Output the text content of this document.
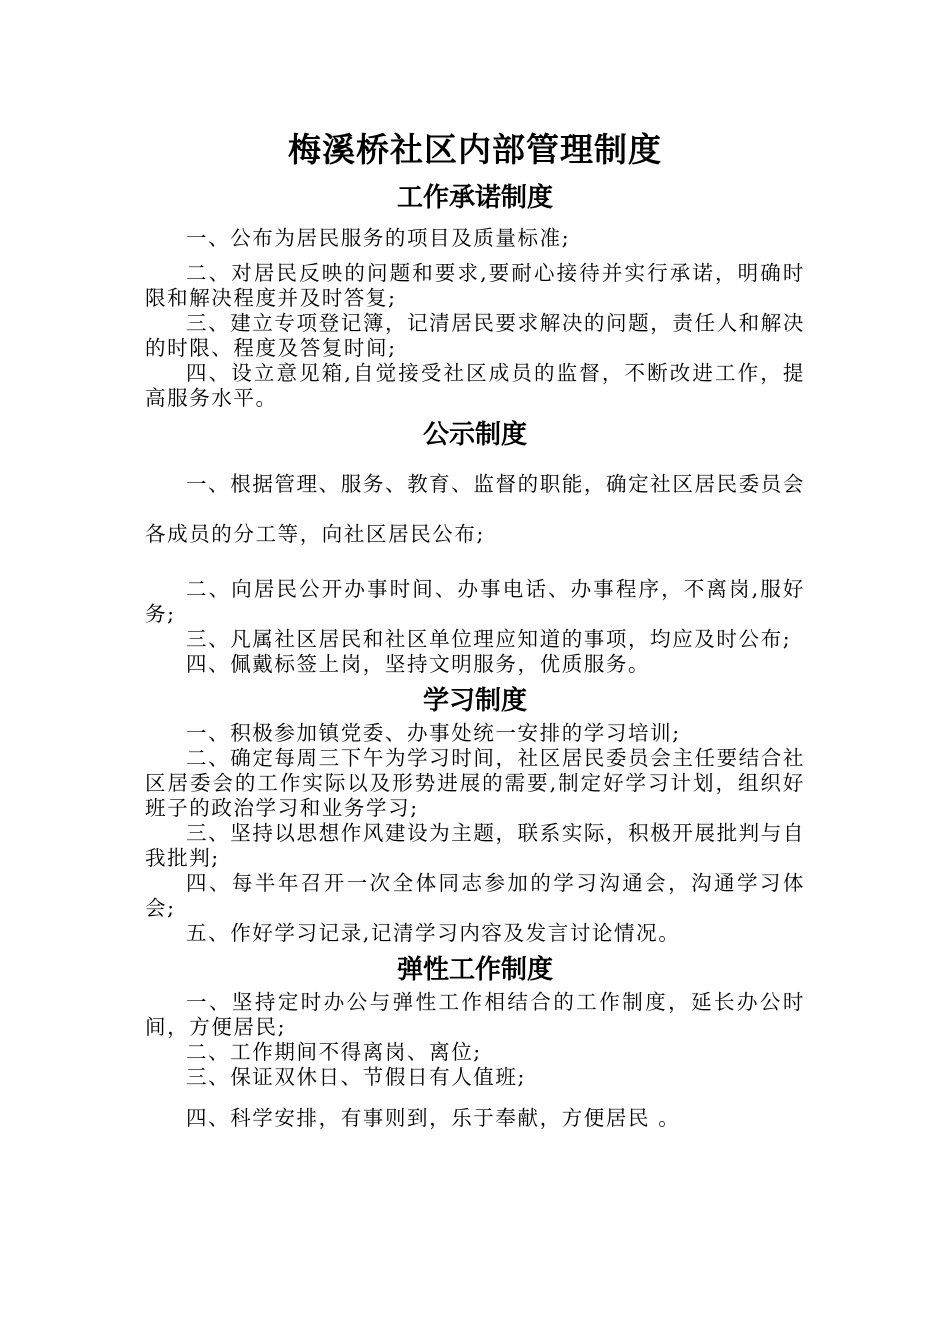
梅溪桥社区内部管理制度
工作承诺制度

一、公布为居民服务的项目及质量标准;

二、对居民反映的问题和要求,要耐心接待并实行承诺，明确时限和解决程度并及时答复;

三、建立专项登记簿，记清居民要求解决的问题，责任人和解决的时限、程度及答复时间;

四、设立意见箱,自觉接受社区成员的监督，不断改进工作，提高服务水平。

公示制度

一、根据管理、服务、教育、监督的职能，确定社区居民委员会各成员的分工等，向社区居民公布;

二、向居民公开办事时间、办事电话、办事程序，不离岗,服好务;

三、凡属社区居民和社区单位理应知道的事项，均应及时公布;

四、佩戴标签上岗，坚持文明服务，优质服务。

学习制度

一、积极参加镇党委、办事处统一安排的学习培训;

二、确定每周三下午为学习时间，社区居民委员会主任要结合社区居委会的工作实际以及形势进展的需要,制定好学习计划，组织好班子的政治学习和业务学习;

三、坚持以思想作风建设为主题，联系实际，积极开展批判与自我批判;

四、每半年召开一次全体同志参加的学习沟通会，沟通学习体会;

五、作好学习记录,记清学习内容及发言讨论情况。

弹性工作制度

一、坚持定时办公与弹性工作相结合的工作制度，延长办公时间，方便居民;

二、工作期间不得离岗、离位;

三、保证双休日、节假日有人值班;

四、科学安排，有事则到，乐于奉献，方便居民 。
